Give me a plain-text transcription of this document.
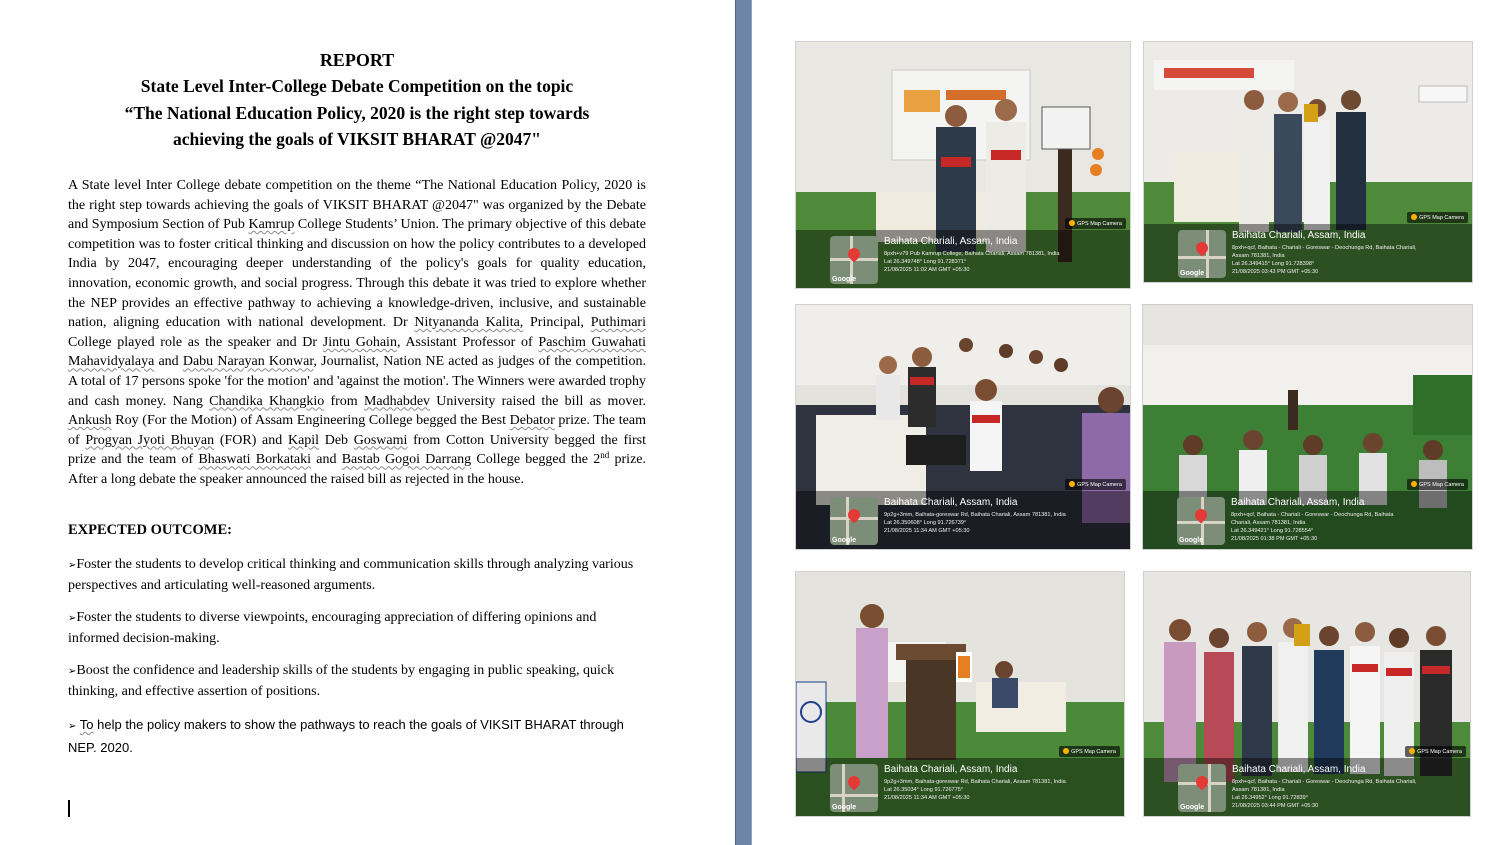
REPORT
State Level Inter-College Debate Competition on the topic
“The National Education Policy, 2020 is the right step towards
achieving the goals of VIKSIT BHARAT @2047"
A State level Inter College debate competition on the theme “The National Education Policy, 2020 is the right step towards achieving the goals of VIKSIT BHARAT @2047" was organized by the Debate and Symposium Section of Pub Kamrup College Students’ Union. The primary objective of this debate competition was to foster critical thinking and discussion on how the policy contributes to a developed India by 2047, encouraging deeper understanding of the policy's goals for quality education, innovation, economic growth, and social progress. Through this debate it was tried to explore whether the NEP provides an effective pathway to achieving a knowledge-driven, inclusive, and sustainable nation, aligning education with national development. Dr Nityananda Kalita, Principal, Puthimari College played role as the speaker and Dr Jintu Gohain, Assistant Professor of Paschim Guwahati Mahavidyalaya and Dabu Narayan Konwar, Journalist, Nation NE acted as judges of the competition. A total of 17 persons spoke 'for the motion' and 'against the motion'. The Winners were awarded trophy and cash money. Nang Chandika Khangkio from Madhabdev University raised the bill as mover. Ankush Roy (For the Motion) of Assam Engineering College begged the Best Debator prize. The team of Progyan Jyoti Bhuyan (FOR) and Kapil Deb Goswami from Cotton University begged the first prize and the team of Bhaswati Borkataki and Bastab Gogoi Darrang College begged the 2nd prize. After a long debate the speaker announced the raised bill as rejected in the house.
EXPECTED OUTCOME:
➢Foster the students to develop critical thinking and communication skills through analyzing various perspectives and articulating well-reasoned arguments.
➢Foster the students to diverse viewpoints, encouraging appreciation of differing opinions and informed decision-making.
➢Boost the confidence and leadership skills of the students by engaging in public speaking, quick thinking, and effective assertion of positions.
➢ To help the policy makers to show the pathways to reach the goals of VIKSIT BHARAT through NEP. 2020.
GPS Map Camera
Google
Baihata Chariali, Assam, India
8pxh+v79 Pub Kamrup College, Baihata Chariali, Assam 781381, India
Lat 26.349748° Long 91.728371°
21/08/2025 11:02 AM GMT +05:30
GPS Map Camera
Google
Baihata Chariali, Assam, India
8pxh+qcf, Baihata - Chariali - Goreswar - Deochunga Rd, Baihata Chariali,
Assam 781381, India
Lat 26.349415° Long 91.728398°
21/08/2025 03:43 PM GMT +05:30
GPS Map Camera
Google
Baihata Chariali, Assam, India
9p2g+3mm, Baihata-goreswar Rd, Baihata Chariali, Assam 781381, India
Lat 26.350608° Long 91.726739°
21/08/2025 11:34 AM GMT +05:30
GPS Map Camera
Google
Baihata Chariali, Assam, India
8pxh+qcf, Baihata - Chariali - Goreswar - Deochunga Rd, Baihata
Chariali, Assam 781381, India
Lat 26.349421° Long 91.728554°
21/08/2025 01:38 PM GMT +05:30
GPS Map Camera
Google
Baihata Chariali, Assam, India
9p2g+3mm, Baihata-goreswar Rd, Baihata Chariali, Assam 781381, India
Lat 26.35034° Long 91.726775°
21/08/2025 11:34 AM GMT +05:30
GPS Map Camera
Google
Baihata Chariali, Assam, India
8pxh+qcf, Baihata - Chariali - Goreswar - Deochunga Rd, Baihata Chariali,
Assam 781381, India
Lat 26.34952° Long 91.72839°
21/08/2025 03:44 PM GMT +05:30
